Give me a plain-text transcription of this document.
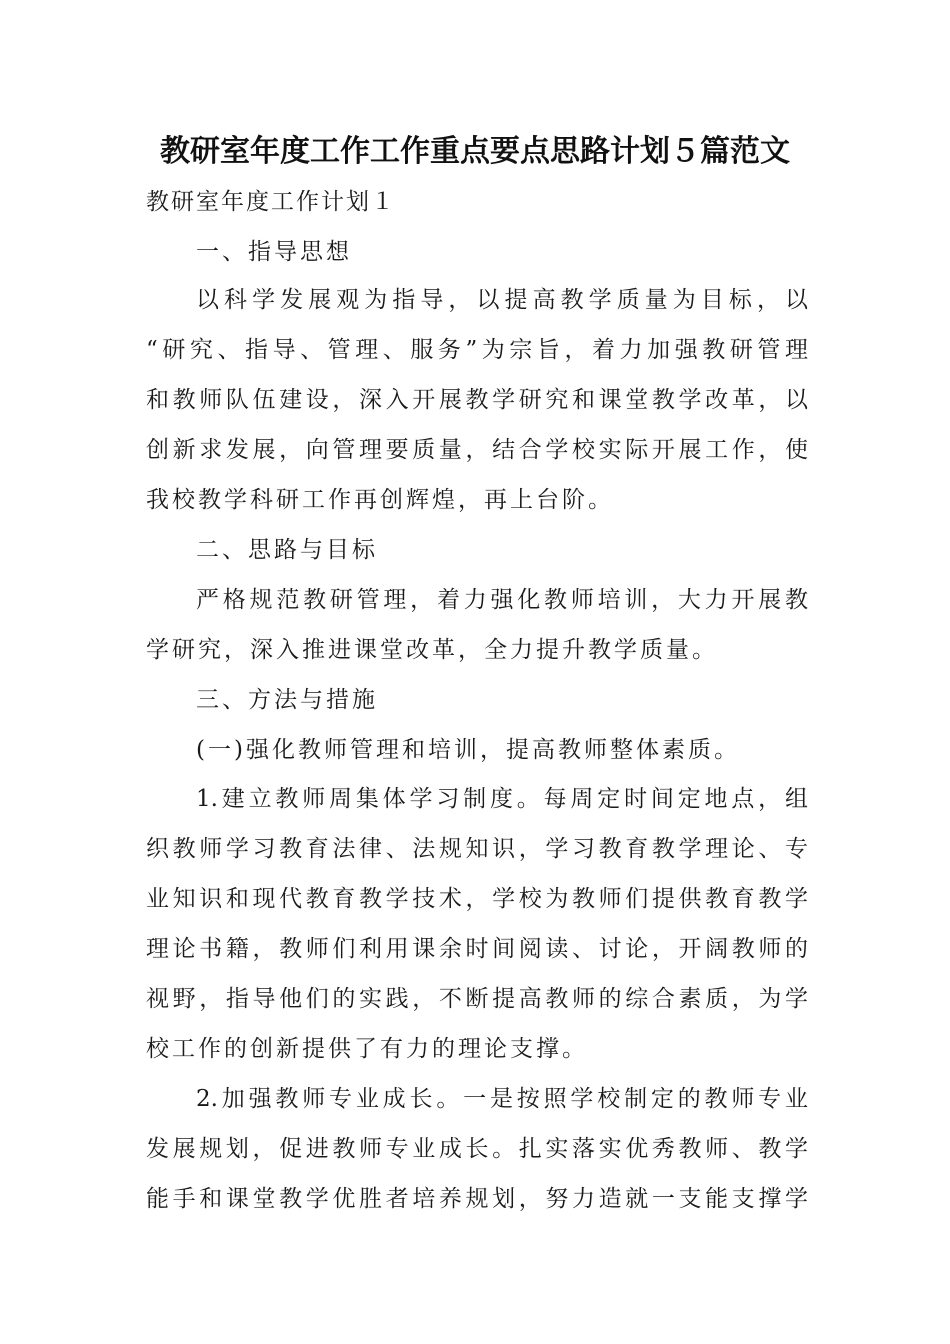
教研室年度工作工作重点要点思路计划５篇范文
教研室年度工作计划１
一、指导思想
以科学发展观为指导，以提高教学质量为目标，以
“研究、指导、管理、服务”为宗旨，着力加强教研管理
和教师队伍建设，深入开展教学研究和课堂教学改革，以
创新求发展，向管理要质量，结合学校实际开展工作，使
我校教学科研工作再创辉煌，再上台阶。
二、思路与目标
严格规范教研管理，着力强化教师培训，大力开展教
学研究，深入推进课堂改革，全力提升教学质量。
三、方法与措施
(一)强化教师管理和培训，提高教师整体素质。
1.建立教师周集体学习制度。每周定时间定地点，组
织教师学习教育法律、法规知识，学习教育教学理论、专
业知识和现代教育教学技术，学校为教师们提供教育教学
理论书籍，教师们利用课余时间阅读、讨论，开阔教师的
视野，指导他们的实践，不断提高教师的综合素质，为学
校工作的创新提供了有力的理论支撑。
2.加强教师专业成长。一是按照学校制定的教师专业
发展规划，促进教师专业成长。扎实落实优秀教师、教学
能手和课堂教学优胜者培养规划，努力造就一支能支撑学
